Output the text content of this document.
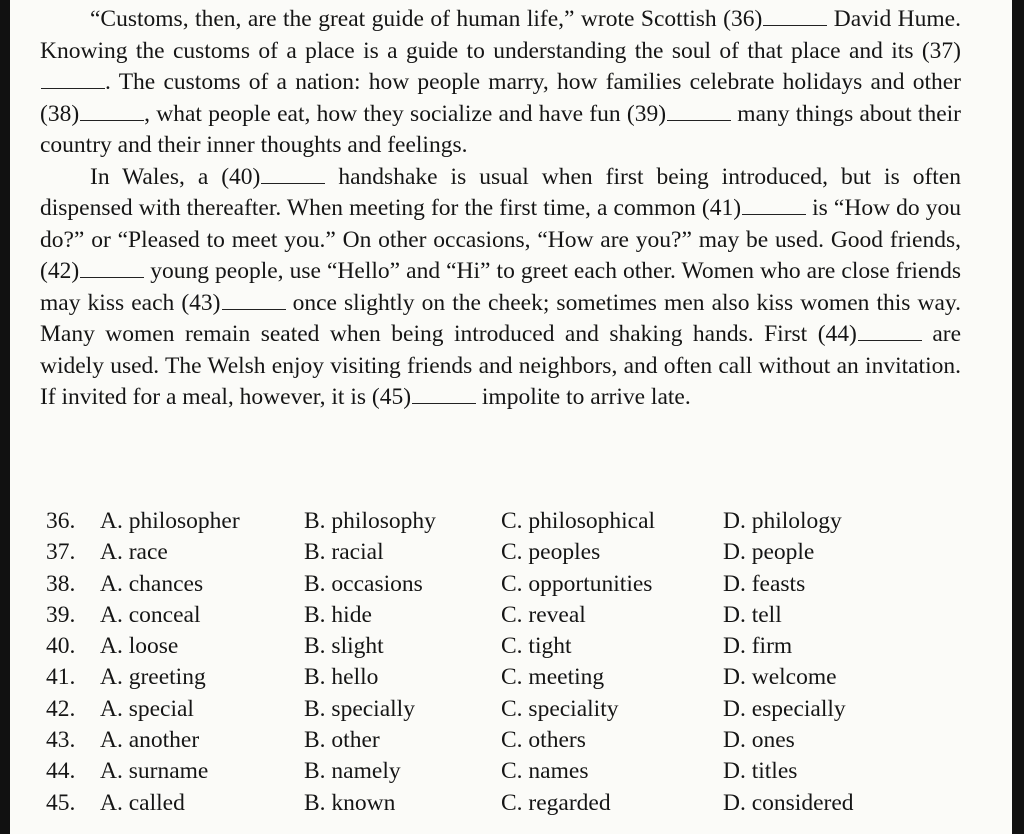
“Customs, then, are the great guide of human life,” wrote Scottish (36)	David Hume. Knowing the customs of a place is a guide to understanding the soul of that place and its (37). The customs of a nation: how people marry, how families celebrate holidays and other (38)	, what people eat, how they socialize and have fun (39)	many things about their country and their inner thoughts and feelings.

In Wales, a (40)	handshake is usual when first being introduced, but is often dispensed with thereafter. When meeting for the first time, a common (41)	is “How do you do?” or “Pleased to meet you.” On other occasions, “How are you?” may be used. Good friends, (42)	young people, use “Hello” and “Hi” to greet each other. Women who are close friends may kiss each (43)	once slightly on the cheek; sometimes men also kiss women this way. Many women remain seated when being introduced and shaking hands. First (44)	are widely used. The Welsh enjoy visiting friends and neighbors, and often call without an invitation. If invited for a meal, however, it is (45)	impolite to arrive late.

36.	A. philosopher	B. philosophy	C. philosophical	D. philology
37.	A. race	B. racial	C. peoples	D. people
38.	A. chances	B. occasions	C. opportunities	D. feasts
39.	A. conceal	B. hide	C. reveal	D. tell
40.	A. loose	B. slight	C. tight	D. firm
41.	A. greeting	B. hello	C. meeting	D. welcome
42.	A. special	B. specially	C. speciality	D. especially
43.	A. another	B. other	C. others	D. ones
44.	A. surname	B. namely	C. names	D. titles
45.	A. called	B. known	C. regarded	D. considered
